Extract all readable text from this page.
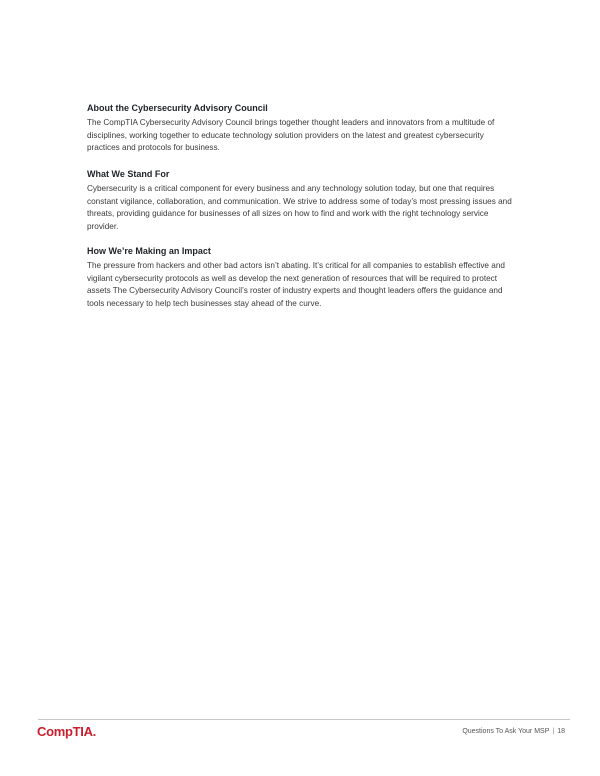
About the Cybersecurity Advisory Council

The CompTIA Cybersecurity Advisory Council brings together thought leaders and innovators from a multitude of disciplines, working together to educate technology solution providers on the latest and greatest cybersecurity practices and protocols for business.

What We Stand For

Cybersecurity is a critical component for every business and any technology solution today, but one that requires constant vigilance, collaboration, and communication. We strive to address some of today’s most pressing issues and threats, providing guidance for businesses of all sizes on how to find and work with the right technology service provider.

How We’re Making an Impact

The pressure from hackers and other bad actors isn’t abating. It’s critical for all companies to establish effective and vigilant cybersecurity protocols as well as develop the next generation of resources that will be required to protect assets The Cybersecurity Advisory Council’s roster of industry experts and thought leaders offers the guidance and tools necessary to help tech businesses stay ahead of the curve.

CompTIA.	Questions To Ask Your MSP | 18
